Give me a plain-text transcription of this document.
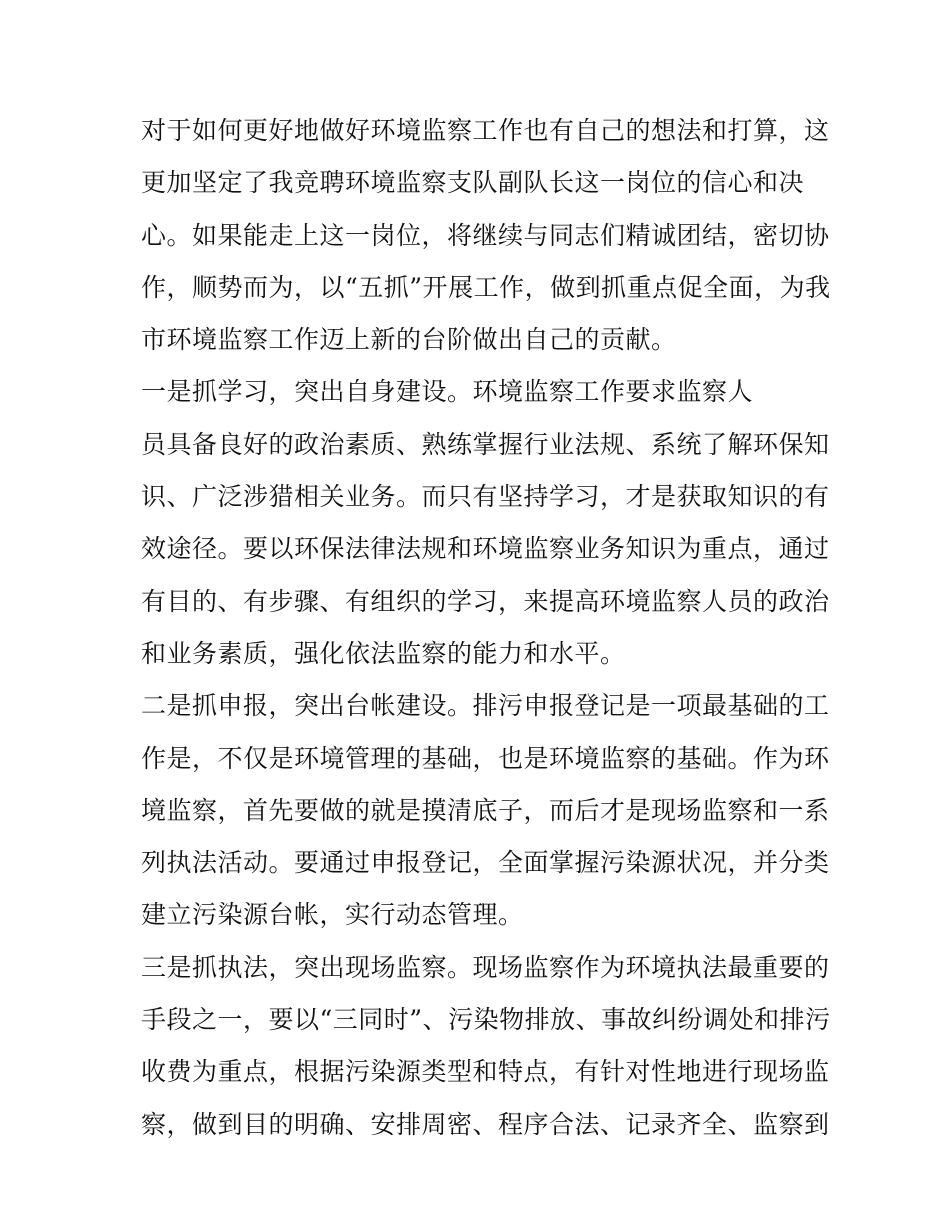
对于如何更好地做好环境监察工作也有自己的想法和打算，这
更加坚定了我竞聘环境监察支队副队长这一岗位的信心和决
心。如果能走上这一岗位，将继续与同志们精诚团结，密切协
作，顺势而为，以“五抓”开展工作，做到抓重点促全面，为我
市环境监察工作迈上新的台阶做出自己的贡献。
一是抓学习，突出自身建设。环境监察工作要求监察人
员具备良好的政治素质、熟练掌握行业法规、系统了解环保知
识、广泛涉猎相关业务。而只有坚持学习，才是获取知识的有
效途径。要以环保法律法规和环境监察业务知识为重点，通过
有目的、有步骤、有组织的学习，来提高环境监察人员的政治
和业务素质，强化依法监察的能力和水平。
二是抓申报，突出台帐建设。排污申报登记是一项最基础的工
作是，不仅是环境管理的基础，也是环境监察的基础。作为环
境监察，首先要做的就是摸清底子，而后才是现场监察和一系
列执法活动。要通过申报登记，全面掌握污染源状况，并分类
建立污染源台帐，实行动态管理。
三是抓执法，突出现场监察。现场监察作为环境执法最重要的
手段之一，要以“三同时”、污染物排放、事故纠纷调处和排污
收费为重点，根据污染源类型和特点，有针对性地进行现场监
察，做到目的明确、安排周密、程序合法、记录齐全、监察到
